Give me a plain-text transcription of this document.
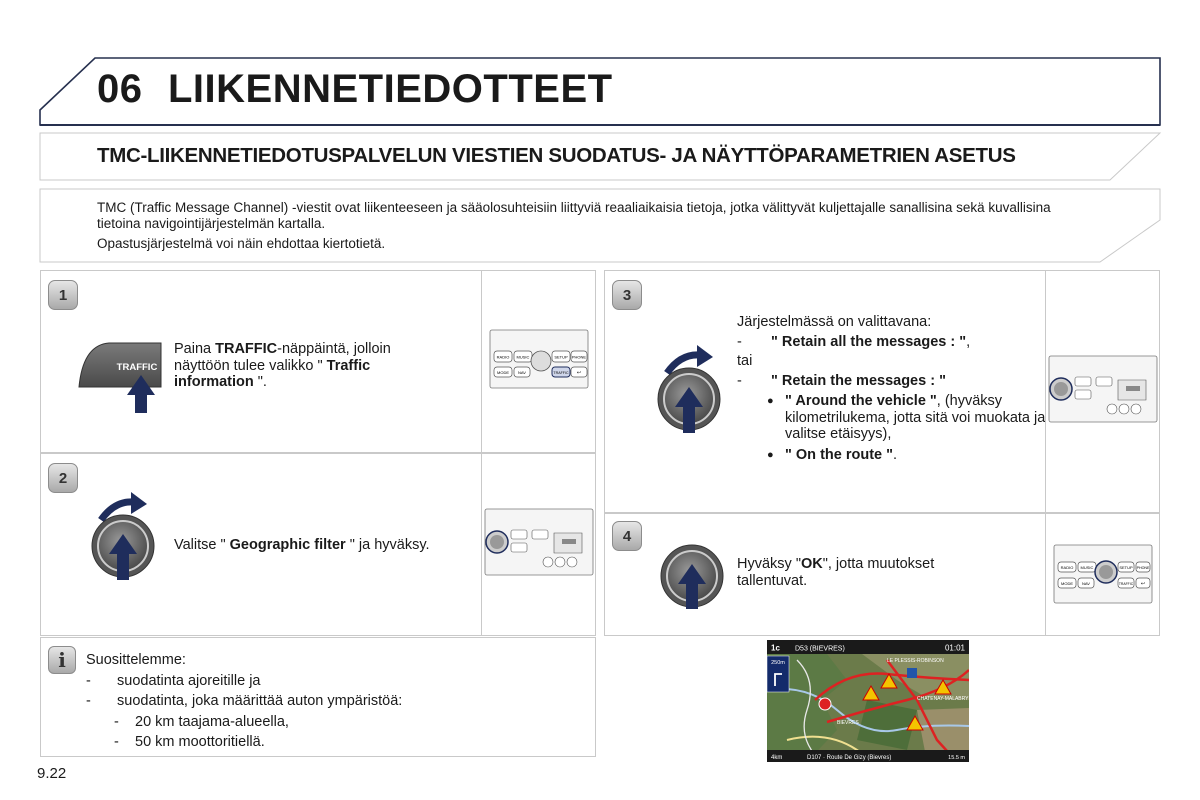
06 LIIKENNETIEDOTTEET
TMC-LIIKENNETIEDOTUSPALVELUN VIESTIEN SUODATUS- JA NÄYTTÖPARAMETRIEN ASETUS

TMC (Traffic Message Channel) -viestit ovat liikenteeseen ja sääolosuhteisiin liittyviä reaaliaikaisia tietoja, jotka välittyvät kuljettajalle sanallisina sekä kuvallisina tietoina navigointijärjestelmän kartalla.

Opastusjärjestelmä voi näin ehdottaa kiertotietä.

1
TRAFFIC
Paina TRAFFIC-näppäintä, jolloin näyttöön tulee valikko " Traffic information ".
RADIO MUSIC	SETUP PHONE
MODE NAV	TRAFFIC ↩
2
Valitse " Geographic filter " ja hyväksy.
3

Järjestelmässä on valittavana:

- " Retain all the messages : ",

tai

- " Retain the messages : "

● " Around the vehicle ", (hyväksy kilometrilukema, jotta sitä voi muokata ja valitse etäisyys),
● " On the route ".
4
Hyväksy "OK", jotta muutokset tallentuvat.
RADIO MUSIC	SETUP PHONE
MODE NAV	TRAFFIC ↩
i	Suosittelemme:

- suodatinta ajoreitille ja

- suodatinta, joka määrittää auton ympäristöä:

- 20 km taajama-alueella,

- 50 km moottoritiellä.

1c D53 (BIEVRES)	01:01
250m	LE PLESSIS-ROBINSON
CHATENAY-MALABRY
BIEVRES
4km	D107 · Route De Gizy (Bievres)	15.5 m
9.22
